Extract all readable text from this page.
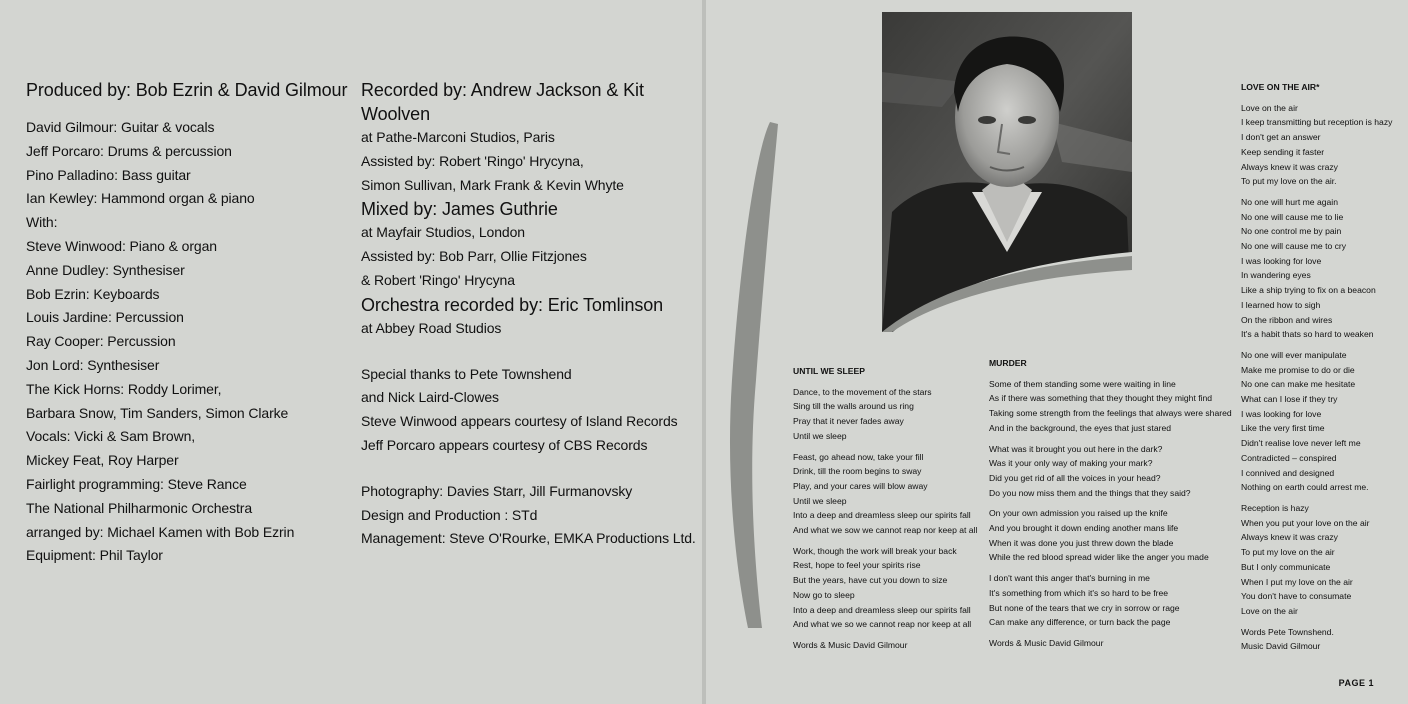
Produced by: Bob Ezrin & David Gilmour
David Gilmour: Guitar & vocals
Jeff Porcaro: Drums & percussion
Pino Palladino: Bass guitar
Ian Kewley: Hammond organ & piano
With:
Steve Winwood: Piano & organ
Anne Dudley: Synthesiser
Bob Ezrin: Keyboards
Louis Jardine: Percussion
Ray Cooper: Percussion
Jon Lord: Synthesiser
The Kick Horns: Roddy Lorimer,
Barbara Snow, Tim Sanders, Simon Clarke
Vocals: Vicki & Sam Brown,
Mickey Feat, Roy Harper
Fairlight programming: Steve Rance
The National Philharmonic Orchestra
arranged by: Michael Kamen with Bob Ezrin
Equipment: Phil Taylor
Recorded by: Andrew Jackson & Kit Woolven
at Pathe-Marconi Studios, Paris
Assisted by: Robert 'Ringo' Hrycyna,
Simon Sullivan, Mark Frank & Kevin Whyte
Mixed by: James Guthrie
at Mayfair Studios, London
Assisted by: Bob Parr, Ollie Fitzjones
& Robert 'Ringo' Hrycyna
Orchestra recorded by: Eric Tomlinson
at Abbey Road Studios
Special thanks to Pete Townshend
and Nick Laird-Clowes
Steve Winwood appears courtesy of Island Records
Jeff Porcaro appears courtesy of CBS Records
Photography: Davies Starr, Jill Furmanovsky
Design and Production : STd
Management: Steve O'Rourke, EMKA Productions Ltd.
UNTIL WE SLEEP
Dance, to the movement of the stars
Sing till the walls around us ring
Pray that it never fades away
Until we sleep
Feast, go ahead now, take your fill
Drink, till the room begins to sway
Play, and your cares will blow away
Until we sleep
Into a deep and dreamless sleep our spirits fall
And what we sow we cannot reap nor keep at all
Work, though the work will break your back
Rest, hope to feel your spirits rise
But the years, have cut you down to size
Now go to sleep
Into a deep and dreamless sleep our spirits fall
And what we so we cannot reap nor keep at all
Words & Music David Gilmour
MURDER
Some of them standing some were waiting in line
As if there was something that they thought they might find
Taking some strength from the feelings that always were shared
And in the background, the eyes that just stared
What was it brought you out here in the dark?
Was it your only way of making your mark?
Did you get rid of all the voices in your head?
Do you now miss them and the things that they said?
On your own admission you raised up the knife
And you brought it down ending another mans life
When it was done you just threw down the blade
While the red blood spread wider like the anger you made
I don't want this anger that's burning in me
It's something from which it's so hard to be free
But none of the tears that we cry in sorrow or rage
Can make any difference, or turn back the page
Words & Music David Gilmour
LOVE ON THE AIR*
Love on the air
I keep transmitting but reception is hazy
I don't get an answer
Keep sending it faster
Always knew it was crazy
To put my love on the air.
No one will hurt me again
No one will cause me to lie
No one control me by pain
No one will cause me to cry
I was looking for love
In wandering eyes
Like a ship trying to fix on a beacon
I learned how to sigh
On the ribbon and wires
It's a habit thats so hard to weaken
No one will ever manipulate
Make me promise to do or die
No one can make me hesitate
What can I lose if they try
I was looking for love
Like the very first time
Didn't realise love never left me
Contradicted – conspired
I connived and designed
Nothing on earth could arrest me.
Reception is hazy
When you put your love on the air
Always knew it was crazy
To put my love on the air
But I only communicate
When I put my love on the air
You don't have to consumate
Love on the air
Words Pete Townshend.
Music David Gilmour
PAGE 1
